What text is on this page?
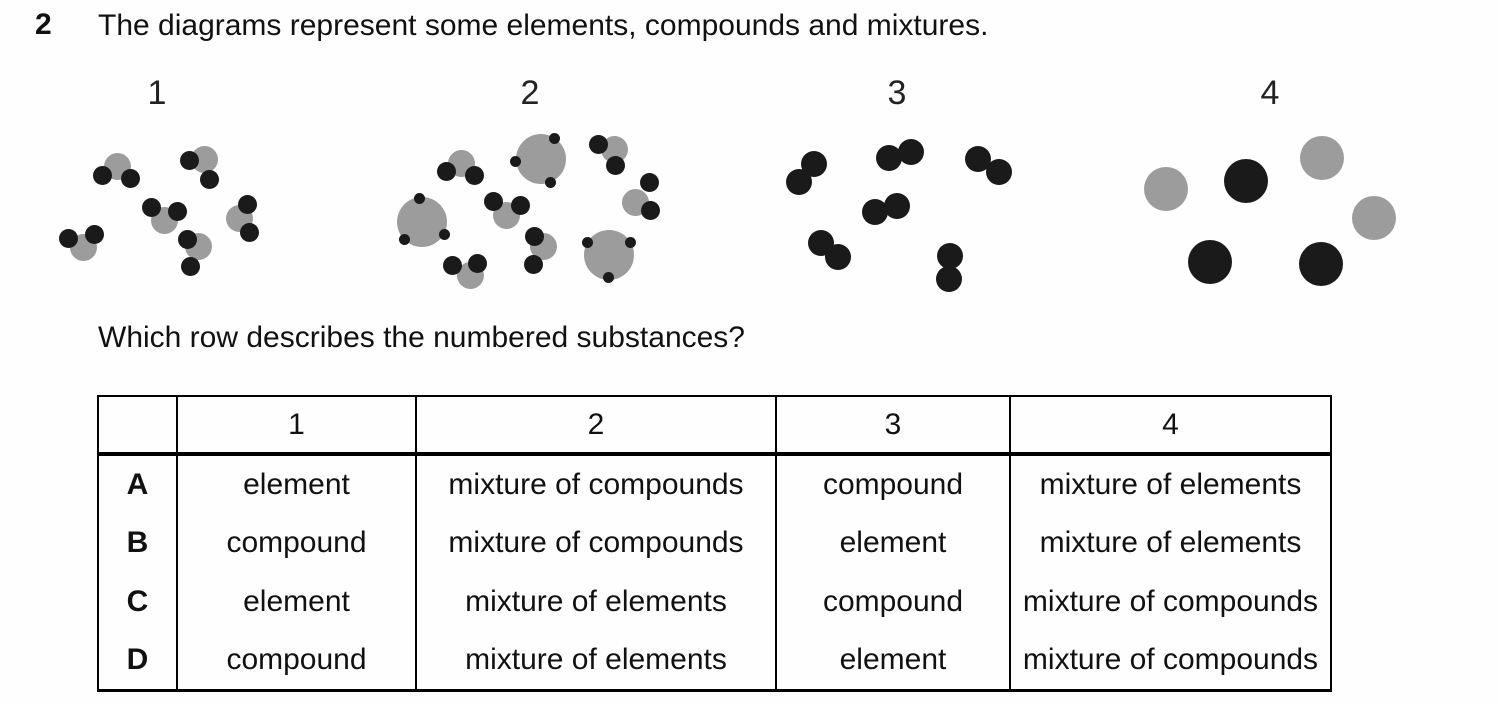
2 The diagrams represent some elements, compounds and mixtures.
1	2	3	4
Which row describes the numbered substances?
	1	2	3	4
A	element	mixture of compounds	compound	mixture of elements
B	compound	mixture of compounds	element	mixture of elements
C	element	mixture of elements	compound	mixture of compounds
D	compound	mixture of elements	element	mixture of compounds
